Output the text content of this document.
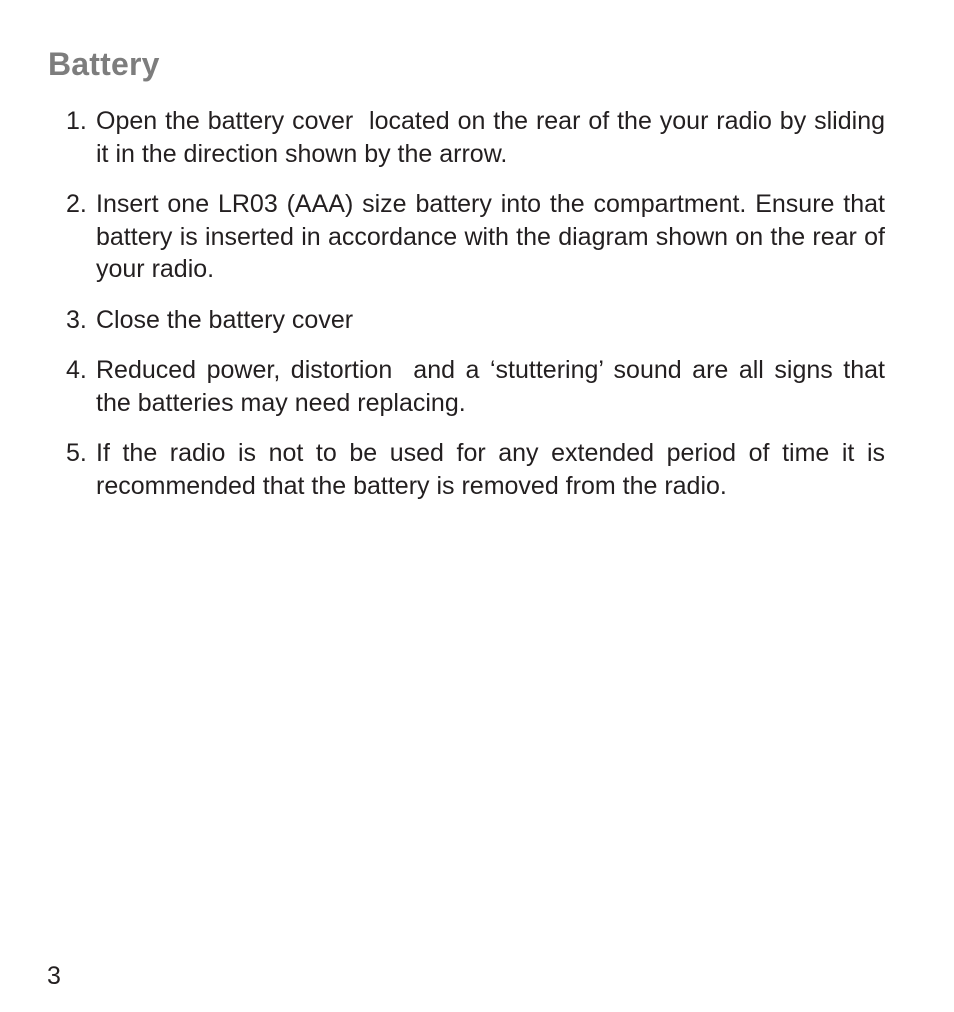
Battery
1. Open the battery cover  located on the rear of the your radio by sliding it in the direction shown by the arrow.
2. Insert one LR03 (AAA) size battery into the compartment. Ensure that battery is inserted in accordance with the diagram shown on the rear of your radio.
3. Close the battery cover
4. Reduced power, distortion  and a ‘stuttering’ sound are all signs that the batteries may need replacing.
5. If the radio is not to be used for any extended period of time it is recommended that the battery is removed from the radio.
3
